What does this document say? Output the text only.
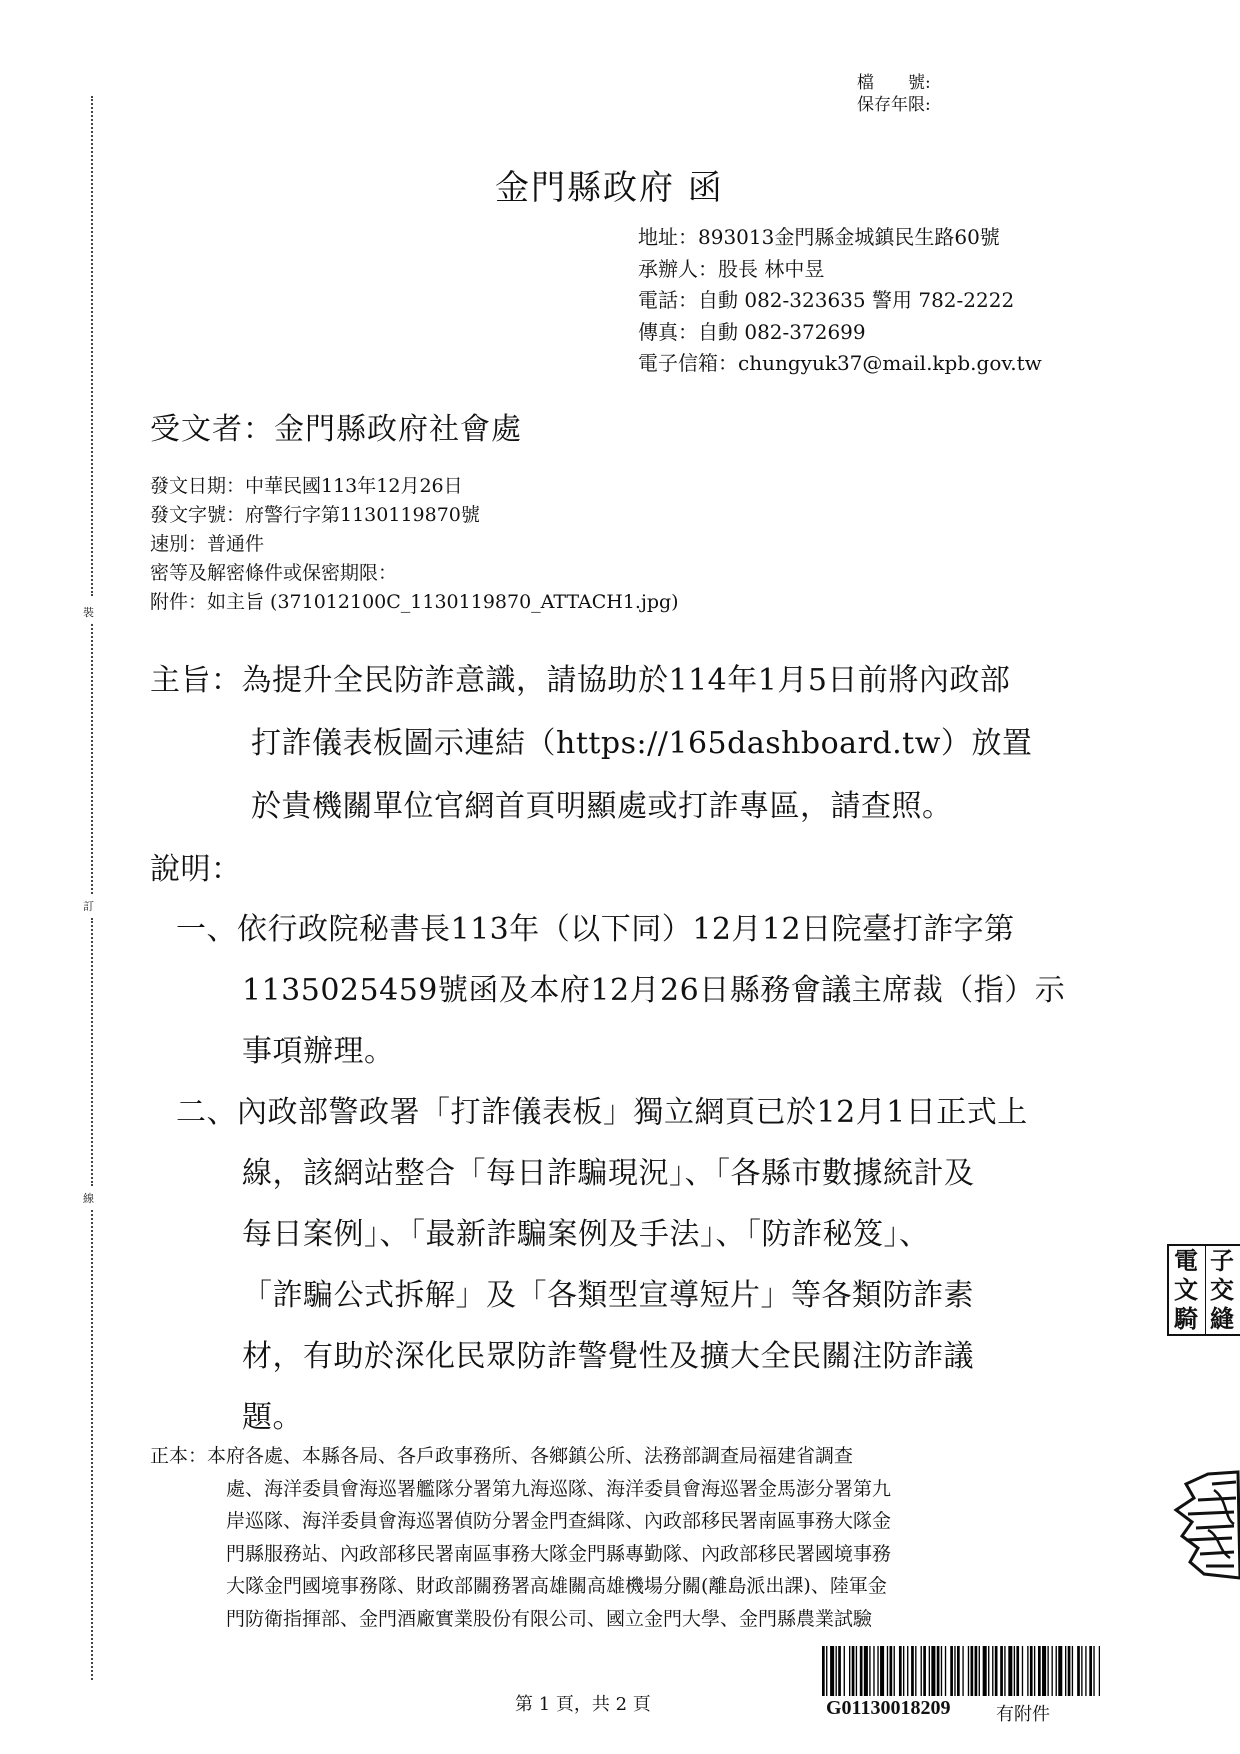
裝
訂
線
檔　　號:
保存年限:
金門縣政府 函
地址：893013金門縣金城鎮民生路60號
承辦人：股長 林中昱
電話：自動 082-323635 警用 782-2222
傳真：自動 082-372699
電子信箱：chungyuk37@mail.kpb.gov.tw
受文者：金門縣政府社會處
發文日期：中華民國113年12月26日
發文字號：府警行字第1130119870號
速別：普通件
密等及解密條件或保密期限：
附件：如主旨 (371012100C_1130119870_ATTACH1.jpg)
主旨：為提升全民防詐意識，請協助於114年1月5日前將內政部
打詐儀表板圖示連結（https://165dashboard.tw）放置
於貴機關單位官網首頁明顯處或打詐專區，請查照。
說明：
一、依行政院秘書長113年（以下同）12月12日院臺打詐字第
1135025459號函及本府12月26日縣務會議主席裁（指）示
事項辦理。
二、內政部警政署「打詐儀表板」獨立網頁已於12月1日正式上
線，該網站整合「每日詐騙現況」、「各縣市數據統計及
每日案例」、「最新詐騙案例及手法」、「防詐秘笈」、
「詐騙公式拆解」及「各類型宣導短片」等各類防詐素
材，有助於深化民眾防詐警覺性及擴大全民關注防詐議
題。
正本：本府各處、本縣各局、各戶政事務所、各鄉鎮公所、法務部調查局福建省調查
處、海洋委員會海巡署艦隊分署第九海巡隊、海洋委員會海巡署金馬澎分署第九
岸巡隊、海洋委員會海巡署偵防分署金門查緝隊、內政部移民署南區事務大隊金
門縣服務站、內政部移民署南區事務大隊金門縣專勤隊、內政部移民署國境事務
大隊金門國境事務隊、財政部關務署高雄關高雄機場分關(離島派出課)、陸軍金
門防衛指揮部、金門酒廠實業股份有限公司、國立金門大學、金門縣農業試驗
電 子
文 交
騎 縫
第 1 頁，共 2 頁	G01130018209	有附件
